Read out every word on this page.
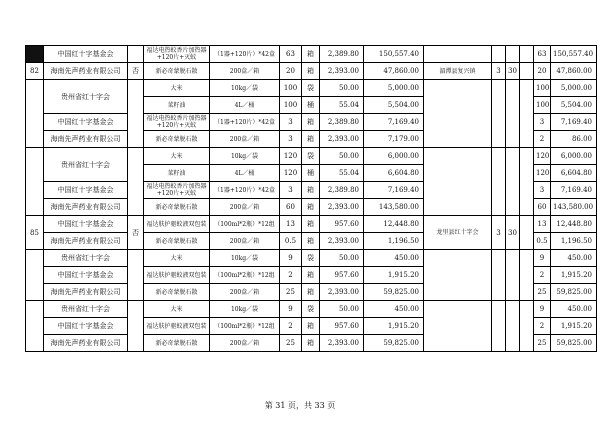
	中国红十字基金会		福达电热蚊香片加热器+120片+灭蚊	（1器+120片）*42盒	63	箱	2,389.80	150,557.40					63	150,557.40
82	海南先声药业有限公司	否	新必奇蒙脱石散	200盒／箱	20	箱	2,393.00	47,860.00	湄潭县复兴镇	3	30		20	47,860.00
	贵州省红十字会		大米	10kg／袋	100	袋	50.00	5,000.00					100	5,000.00
			菜籽油	4L／桶	100	桶	55.04	5,504.00					100	5,504.00
	中国红十字基金会		福达电热蚊香片加热器+120片+灭蚊	（1器+120片）*42盒	3	箱	2,389.80	7,169.40					3	7,169.40
	海南先声药业有限公司		新必奇蒙脱石散	200盒／箱	3	箱	2,393.00	7,179.00					2	86.00
	贵州省红十字会		大米	10kg／袋	120	袋	50.00	6,000.00					120	6,000.00
			菜籽油	4L／桶	120	桶	55.04	6,604.80					120	6,604.80
	中国红十字基金会		福达电热蚊香片加热器+120片+灭蚊	（1器+120片）*42盒	3	箱	2,389.80	7,169.40					3	7,169.40
	海南先声药业有限公司		新必奇蒙脱石散	200盒／箱	60	箱	2,393.00	143,580.00					60	143,580.00
85	中国红十字基金会	否	福达肤护驱蚊液双包装	（100ml*2瓶）*12组	13	箱	957.60	12,448.80	龙里县红十字会	3	30		13	12,448.80
	海南先声药业有限公司		新必奇蒙脱石散	200盒／箱	0.5	箱	2,393.00	1,196.50					0.5	1,196.50
	贵州省红十字会		大米	10kg／袋	9	袋	50.00	450.00					9	450.00
	中国红十字基金会		福达肤护驱蚊液双包装	（100ml*2瓶）*12组	2	箱	957.60	1,915.20					2	1,915.20
	海南先声药业有限公司		新必奇蒙脱石散	200盒／箱	25	箱	2,393.00	59,825.00					25	59,825.00
	贵州省红十字会		大米	10kg／袋	9	袋	50.00	450.00					9	450.00
	中国红十字基金会		福达肤护驱蚊液双包装	（100ml*2瓶）*12组	2	箱	957.60	1,915.20					2	1,915.20
	海南先声药业有限公司		新必奇蒙脱石散	200盒／箱	25	箱	2,393.00	59,825.00					25	59,825.00
第 31 页，共 33 页
